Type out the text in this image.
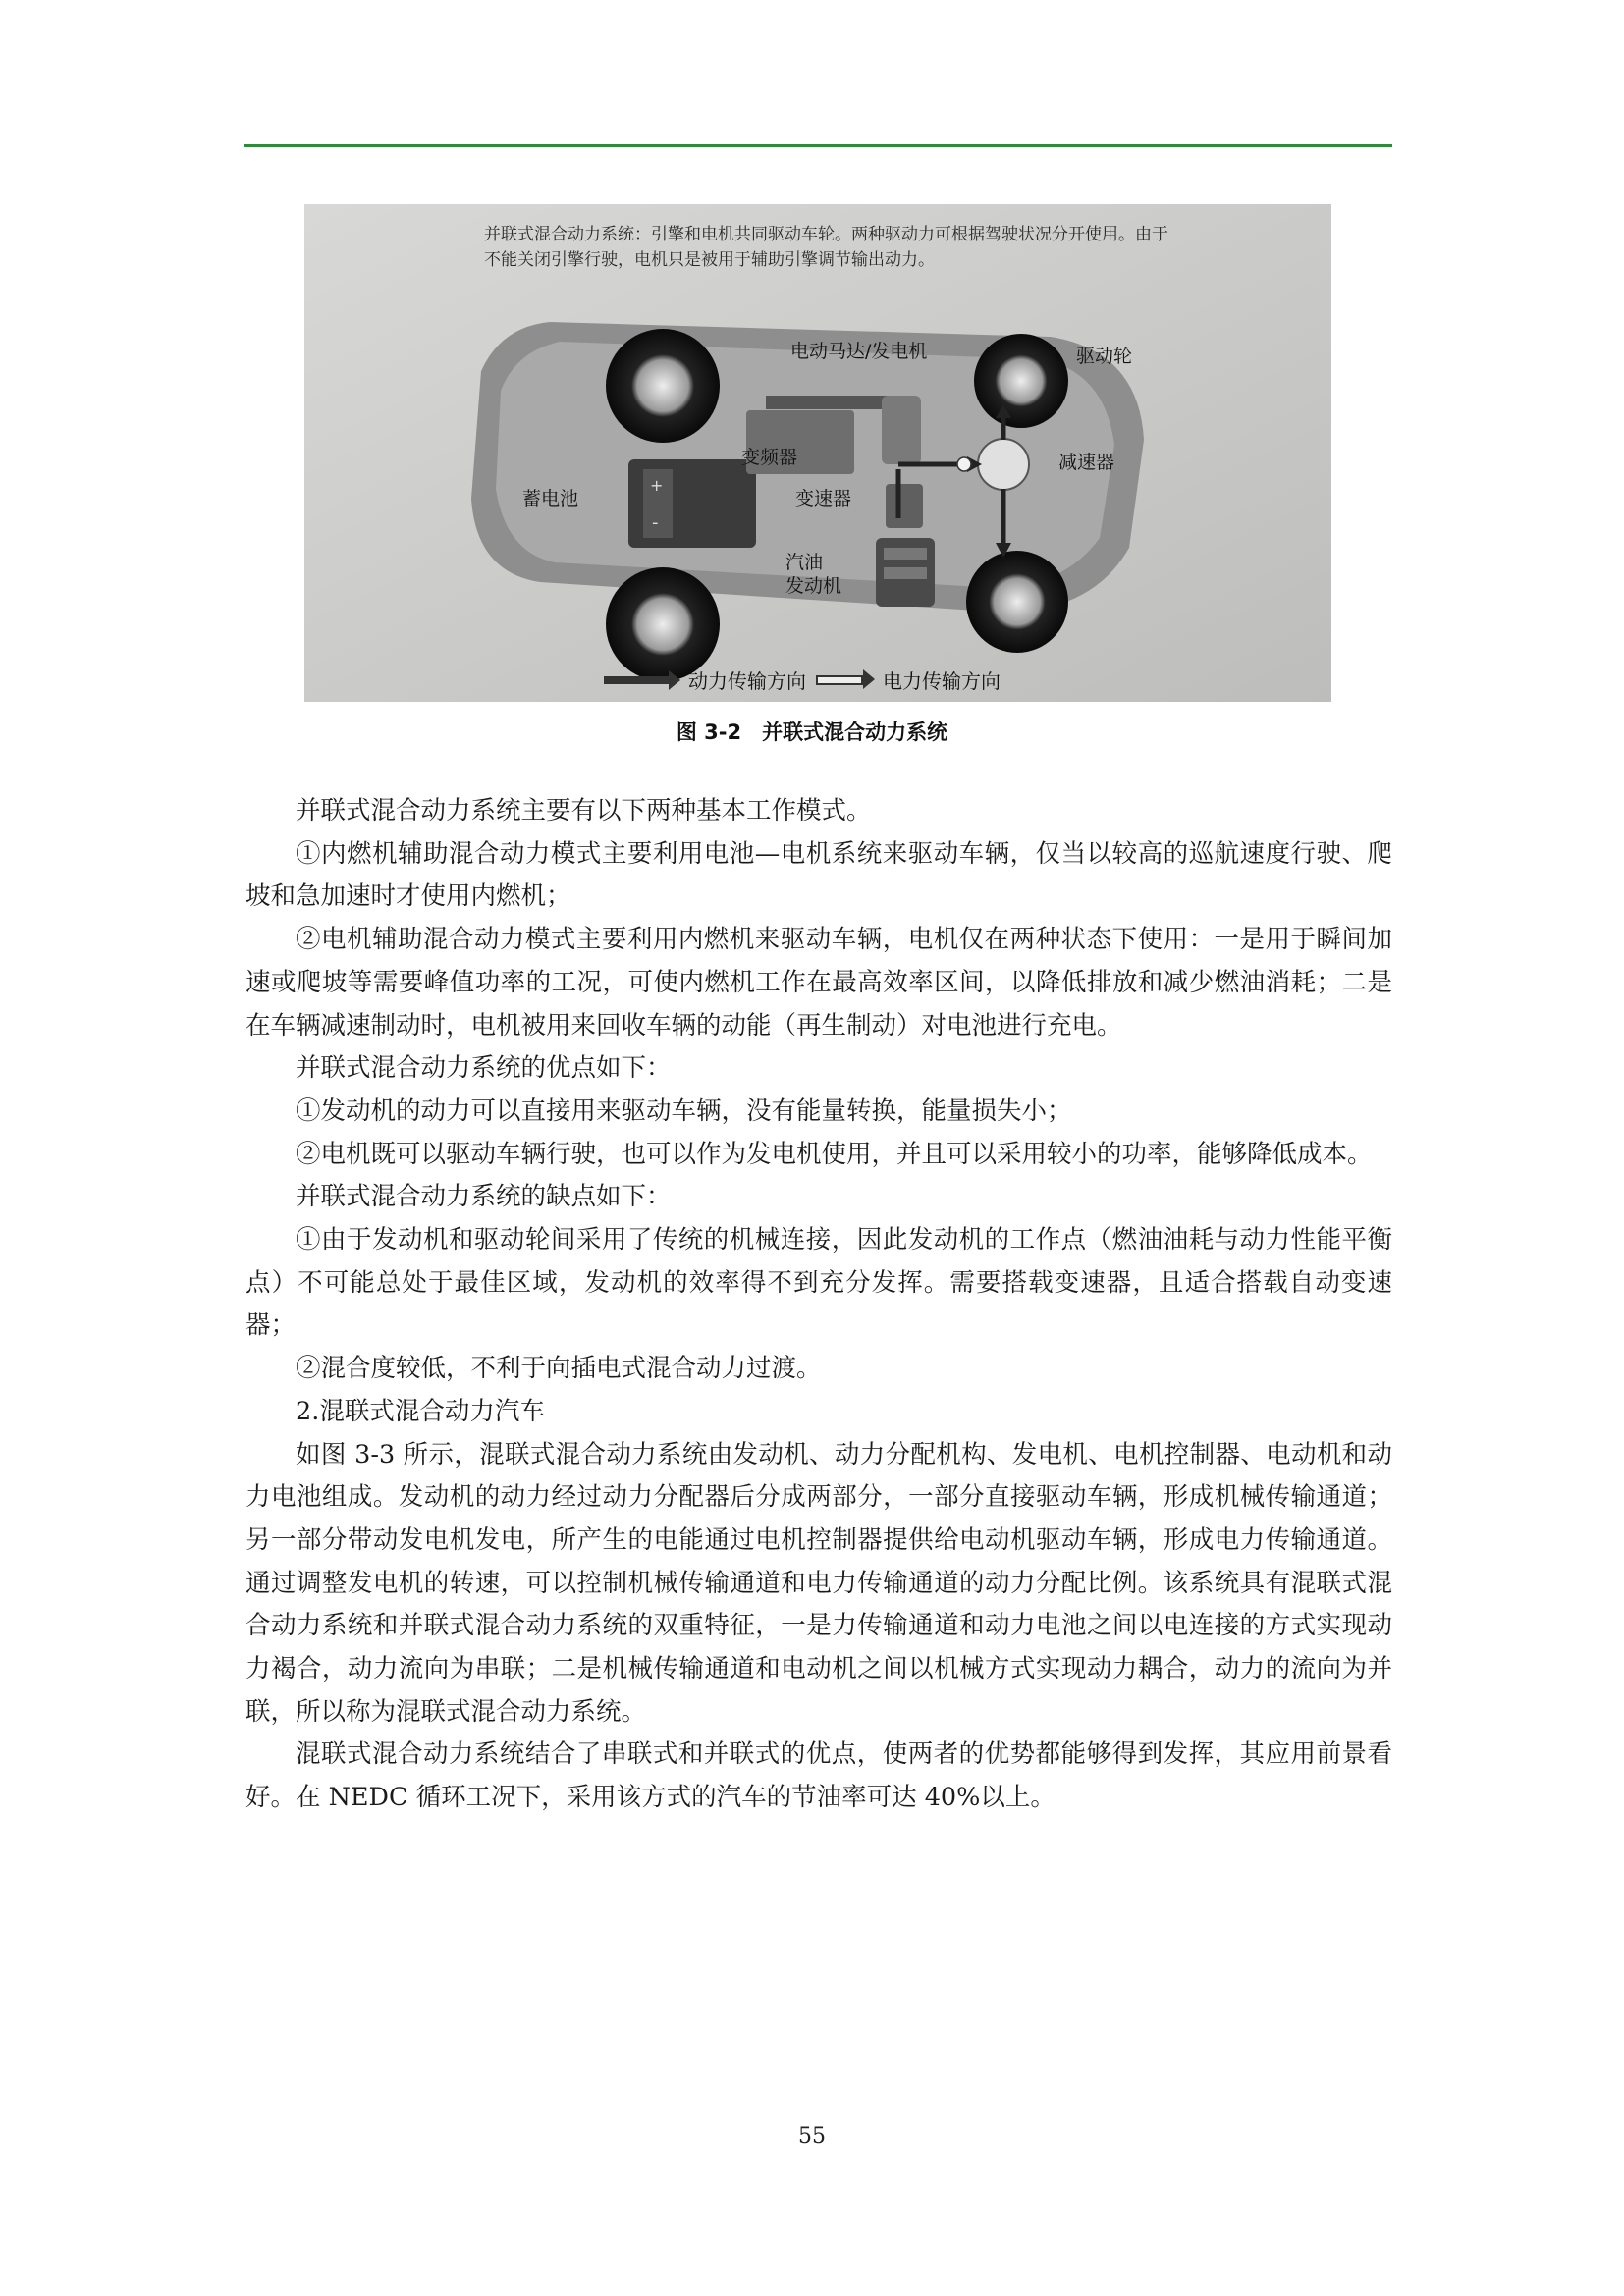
+
-
并联式混合动力系统：引擎和电机共同驱动车轮。两种驱动力可根据驾驶状况分开使用。由于不能关闭引擎行驶，电机只是被用于辅助引擎调节输出动力。
电动马达/发电机	驱动轮
变频器	减速器
蓄电池	变速器
汽油
发动机
动力传输方向	电力传输方向
图 3-2　并联式混合动力系统

并联式混合动力系统主要有以下两种基本工作模式。

①内燃机辅助混合动力模式主要利用电池—电机系统来驱动车辆，仅当以较高的巡航速度行驶、爬坡和急加速时才使用内燃机；

②电机辅助混合动力模式主要利用内燃机来驱动车辆，电机仅在两种状态下使用：一是用于瞬间加速或爬坡等需要峰值功率的工况，可使内燃机工作在最高效率区间，以降低排放和减少燃油消耗；二是在车辆减速制动时，电机被用来回收车辆的动能（再生制动）对电池进行充电。

并联式混合动力系统的优点如下：

①发动机的动力可以直接用来驱动车辆，没有能量转换，能量损失小；

②电机既可以驱动车辆行驶，也可以作为发电机使用，并且可以采用较小的功率，能够降低成本。

并联式混合动力系统的缺点如下：

①由于发动机和驱动轮间采用了传统的机械连接，因此发动机的工作点（燃油油耗与动力性能平衡点）不可能总处于最佳区域，发动机的效率得不到充分发挥。需要搭载变速器，且适合搭载自动变速器；

②混合度较低，不利于向插电式混合动力过渡。

2.混联式混合动力汽车

如图 3-3 所示，混联式混合动力系统由发动机、动力分配机构、发电机、电机控制器、电动机和动力电池组成。发动机的动力经过动力分配器后分成两部分，一部分直接驱动车辆，形成机械传输通道；另一部分带动发电机发电，所产生的电能通过电机控制器提供给电动机驱动车辆，形成电力传输通道。通过调整发电机的转速，可以控制机械传输通道和电力传输通道的动力分配比例。该系统具有混联式混合动力系统和并联式混合动力系统的双重特征，一是力传输通道和动力电池之间以电连接的方式实现动力褐合，动力流向为串联；二是机械传输通道和电动机之间以机械方式实现动力耦合，动力的流向为并联，所以称为混联式混合动力系统。

混联式混合动力系统结合了串联式和并联式的优点，使两者的优势都能够得到发挥，其应用前景看好。在 NEDC 循环工况下，采用该方式的汽车的节油率可达 40%以上。

55
